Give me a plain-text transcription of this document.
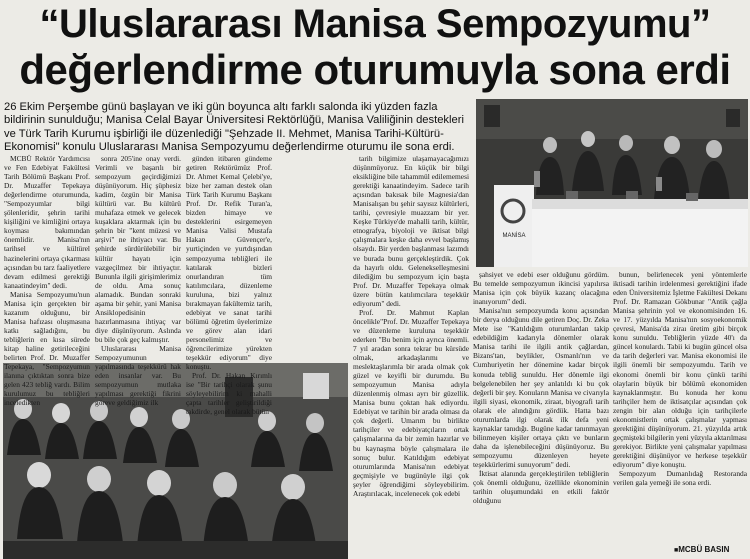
“Uluslararası Manisa Sempozyumu”
değerlendirme oturumuyla sona erdi
26 Ekim Perşembe günü başlayan ve iki gün boyunca altı farklı salonda iki yüzden fazla bildirinin sunulduğu; Manisa Celal Bayar Üniversitesi Rektörlüğü, Manisa Valiliğinin destekleri ve Türk Tarih Kurumu işbirliği ile düzenlediği "Şehzade II. Mehmet, Manisa Tarihi-Kültürü-Ekonomisi" konulu Uluslararası Manisa Sempozyumu değerlendirme oturumu ile sona erdi.
MANİSA

MCBÜ Rektör Yardımcısı ve Fen Edebiyat Fakültesi Tarih Bölümü Başkanı Prof. Dr. Muzaffer Tepekaya değerlendirme oturumunda, "Sempozyumlar bilgi şölenleridir, şehrin tarihi kişiliğini ve kimliğini ortaya koyması bakımından önemlidir. Manisa'nın tarihsel ve kültürel hazinelerini ortaya çıkarması açısından bu tarz faaliyetlere devam edilmesi gerektiği kanaatindeyim" dedi.

Manisa Sempozyumu'nun Manisa için gerçekten bir kazanım olduğunu, bir Manisa hafızası oluşmasına katkı sağladığını, bu tebliğlerin en kısa sürede kitap haline getirileceğini belirten Prof. Dr. Muzaffer Tepekaya, "Sempozyumun ilanına çıktıktan sonra bize gelen 423 tebliğ vardı. Bilim kurulumuz bu tebliğleri inceledikten

sonra 205'ine onay verdi. Verimli ve başarılı bir sempozyum geçirdiğimizi düşünüyorum. Hiç şüphesiz kadim, özgün bir Manisa kültürü var. Bu kültürü muhafaza etmek ve gelecek kuşaklara aktarmak için bu şehrin bir "kent müzesi ve arşivi" ne ihtiyacı var. Bu şehirde sürdürülebilir bir kültür hayatı için vazgeçilmez bir ihtiyaçtır. Bununla ilgili girişimlerimiz de oldu. Ama sonuç alamadık. Bundan sonraki aşama bir şehir, yani Manisa Ansiklopedisinin hazırlanmasına ihtiyaç var diye düşünüyorum. Aslında bu bile çok geç kalmıştır.

Uluslararası Manisa Sempozyumunun yapılmasında teşekkürü hak eden insanlar var. Bu sempozyumun mutlaka yapılması gerektiği fikrini görevе geldiğimiz ilk

günden itibaren gündeme getiren Rektörümüz Prof. Dr. Ahmet Kemal Çelebi'ye, bize her zaman destek olan Türk Tarih Kurumu Başkanı Prof. Dr. Refik Turan'a, bizden himaye ve desteklerini esirgemeyen Manisa Valisi Mustafa Hakan Güvençer'e, yurtiçinden ve yurtdışından sempozyuma tebliğleri ile katılarak bizleri onurlandıran tüm katılımcılara, düzenleme kuruluna, bizi yalnız bırakmayan fakültemiz tarih, edebiyat ve sanat tarihi bölümü öğretim üyelerimize ve görev alan idari personelimiz ve öğrencilerimize yürekten teşekkür ediyorum" diye konuştu.

Prof. Dr. Hakan Kırımlı ise "Bir tarihçi olarak şunu söyleyebilirim ki mahalli çapta tarihler geliştirildiği takdirde, genel olarak bütün

tarih bilgimize ulaşamayacağımızı düşünmüyoruz. En küçük bir bilgi eksikliğine bile tahammül edilememesi gerektiği kanaatindeyim. Sadece tarih açısından bakısak bile Magnesia'dan Manisalışan bu şehir sayısız kültürleri, tarihi, çevresiyle muazzam bir yer. Keşke Türkiye'de mahalli tarih, kültür, etnografya, biyoloji ve iktisat bilgi çalışmalara keşke daha evvel başlamış olsaydı. Bir yerden başlanması lazımdı ve burada bunu gerçekleştirdik. Çok da hayırlı oldu. Gelenekselleşmesini dilediğim bu sempozyum için başta Prof. Dr. Muzaffer Tepekaya olmak üzere bütün katılımcılara teşekkür ediyorum" dedi.

Prof. Dr. Mahmut Kaplan öncelikle"Prof. Dr. Muzaffer Tepekaya ve düzenleme kuruluna teşekkür ederken "Bu benim için ayrıca önemli. 7 yıl aradan sonra tekrar bu kürsüde olmak, arkadaşlarımı ve meslektaşlarımla bir arada olmak çok güzel ve keyifli bir durumdu. Bu sempozyumun Manisa adıyla düzenlenmiş olması ayrı bir güzellik. Manisa bunu çoktan hak ediyordu. Edebiyat ve tarihin bir arada olması da çok değerli. Umarım bu birlikte tarihçiler ve edebiyatçıların ortak çalışmalarına da bir zemin hazırlar ve bu kaynaşma böyle çalışmalara ile sonuç bulur. Katıldığım edebiyat oturumlarında Manisa'nın edebiyat geçmişiyle ve bugünüyle ilgi çok şeyler öğrendiğimi söyleyebilirim. Araştırılacak, incelenecek çok edebi

şahsiyet ve edebi eser olduğunu gördüm. Bu temelde sempozyumun ikincisi yapılırsa Manisa için çok büyük kazanç olacağına inanıyorum" dedi.

Manisa'nın sempozyumda konu açısından bir derya olduğunu dile getiren Doç. Dr. Zeka Mete ise "Katıldığım oturumlardan takip edebildiğim kadarıyla dönemler olarak Manisa tarihi ile ilgili antik çağlardan, Bizans'tan, beylikler, Osmanlı'nın ve Cumhuriyetin her dönemine kadar birçok konuda tebliğ sunuldu. Her dönemle ilgi belgelenebilen her şey anlatıldı ki bu çok değerli bir şey. Konuların Manisa ve civarıyla ilgili siyasi, ekonomik, ziraat, biyografi tarih olarak ele alındığını gördük. Hatta bazı oturumlarda ilgi olarak ilk defa yeni kaynaklar tanıdığı. Bugüne kadar tanınmayan bilinmeyen kişiler ortaya çıktı ve bunların daha da işlenebileceğini düşünüyoruz. Bu sempozyumu düzenleyen heyete teşekkürlerimi sunuyorum" dedi.

İktisat alanında gerçekleştirilen tebliğlerin çok önemli olduğunu, özellikle ekonominin tarihin oluşumundaki en etkili faktör olduğunu

bunun, belirlenecek yeni yöntemlerle iktisadi tarihin irdelenmesi gerektiğini ifade eden Üniversitemiz İşletme Fakültesi Dekanı Prof. Dr. Ramazan Gökbunar "Antik çağla Manisa şehrinin yol ve ekonomisinden 16. ve 17. yüzyılda Manisa'nın sosyoekonomik çevresi, Manisa'da ziraı üretim gibi birçok konu sunuldu. Tebliğlerin yüzde 40'ı da güncel konulardı. Tabii ki bugün güncel olsa da tarih değerleri var. Manisa ekonomisi ile ilgili önemli bir sempozyumdu. Tarih ve ekonomi önemli bir konu çünkü tarihi olaylarin büyük bir bölümü ekonomiden kaynaklanmıştır. Bu konuda her konu tarihçiler hem de iktisatçılar açısından çok zengin bir alan olduğu için tarihçilerle ekonomistlerin ortak çalışmalar yapması gerektiğini düşünüyorum. 21. yüzyılda artık geçmişteki bilgilerin yeni yüzyıla aktarılması gerekiyor. Birlikte yeni çalışmalar yapılması gerektiğini düşünüyor ve herkese teşekkür ediyorum" diye konuştu.

Sempozyum Dumanlıdağ Restoranda verilen gala yemeği ile sona erdi.

■ MCBÜ BASIN
